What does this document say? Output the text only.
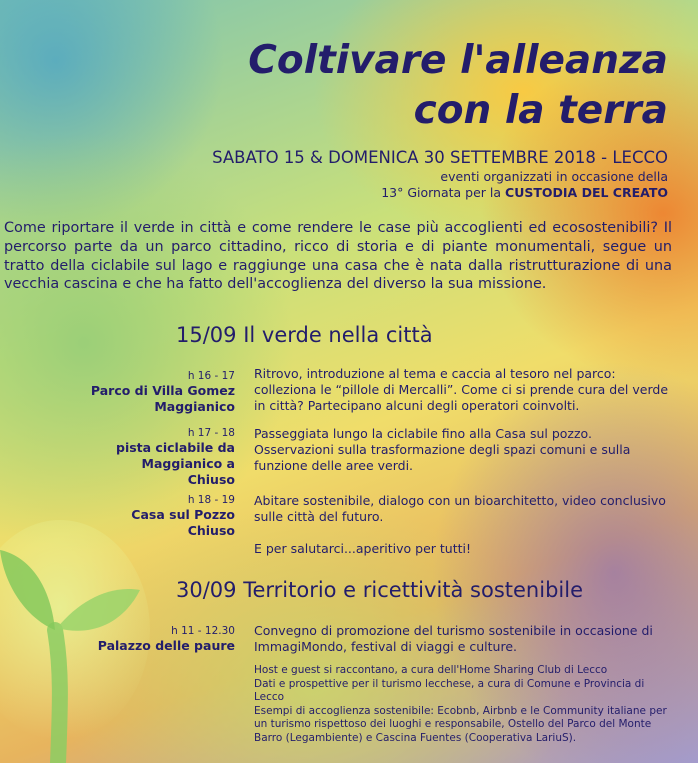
Coltivare l'alleanza
con la terra
SABATO 15 & DOMENICA 30 SETTEMBRE 2018 - LECCO
eventi organizzati in occasione della
13° Giornata per la CUSTODIA DEL CREATO
Come riportare il verde in città e come rendere le case più accoglienti ed ecosostenibili? Il percorso parte da un parco cittadino, ricco di storia e di piante monumentali, segue un tratto della ciclabile sul lago e raggiunge una casa che è nata dalla ristrutturazione di una vecchia cascina e che ha fatto dell'accoglienza del diverso la sua missione.
15/09 Il verde nella città
h 16 - 17
Parco di Villa Gomez Maggianico
Ritrovo, introduzione al tema e caccia al tesoro nel parco: colleziona le “pillole di Mercalli”. Come ci si prende cura del verde in città? Partecipano alcuni degli operatori coinvolti.
h 17 - 18
pista ciclabile da Maggianico a Chiuso
Passeggiata lungo la ciclabile fino alla Casa sul pozzo. Osservazioni sulla trasformazione degli spazi comuni e sulla funzione delle aree verdi.
h 18 - 19
Casa sul Pozzo Chiuso
Abitare sostenibile, dialogo con un bioarchitetto, video conclusivo sulle città del futuro.
E per salutarci...aperitivo per tutti!
30/09 Territorio e ricettività sostenibile
h 11 - 12.30
Palazzo delle paure
Convegno di promozione del turismo sostenibile in occasione di ImmagiMondo, festival di viaggi e culture.
Host e guest si raccontano, a cura dell'Home Sharing Club di Lecco
Dati e prospettive per il turismo lecchese, a cura di Comune e Provincia di Lecco
Esempi di accoglienza sostenibile: Ecobnb, Airbnb e le Community italiane per un turismo rispettoso dei luoghi e responsabile, Ostello del Parco del Monte Barro (Legambiente) e Cascina Fuentes (Cooperativa LariuS).
